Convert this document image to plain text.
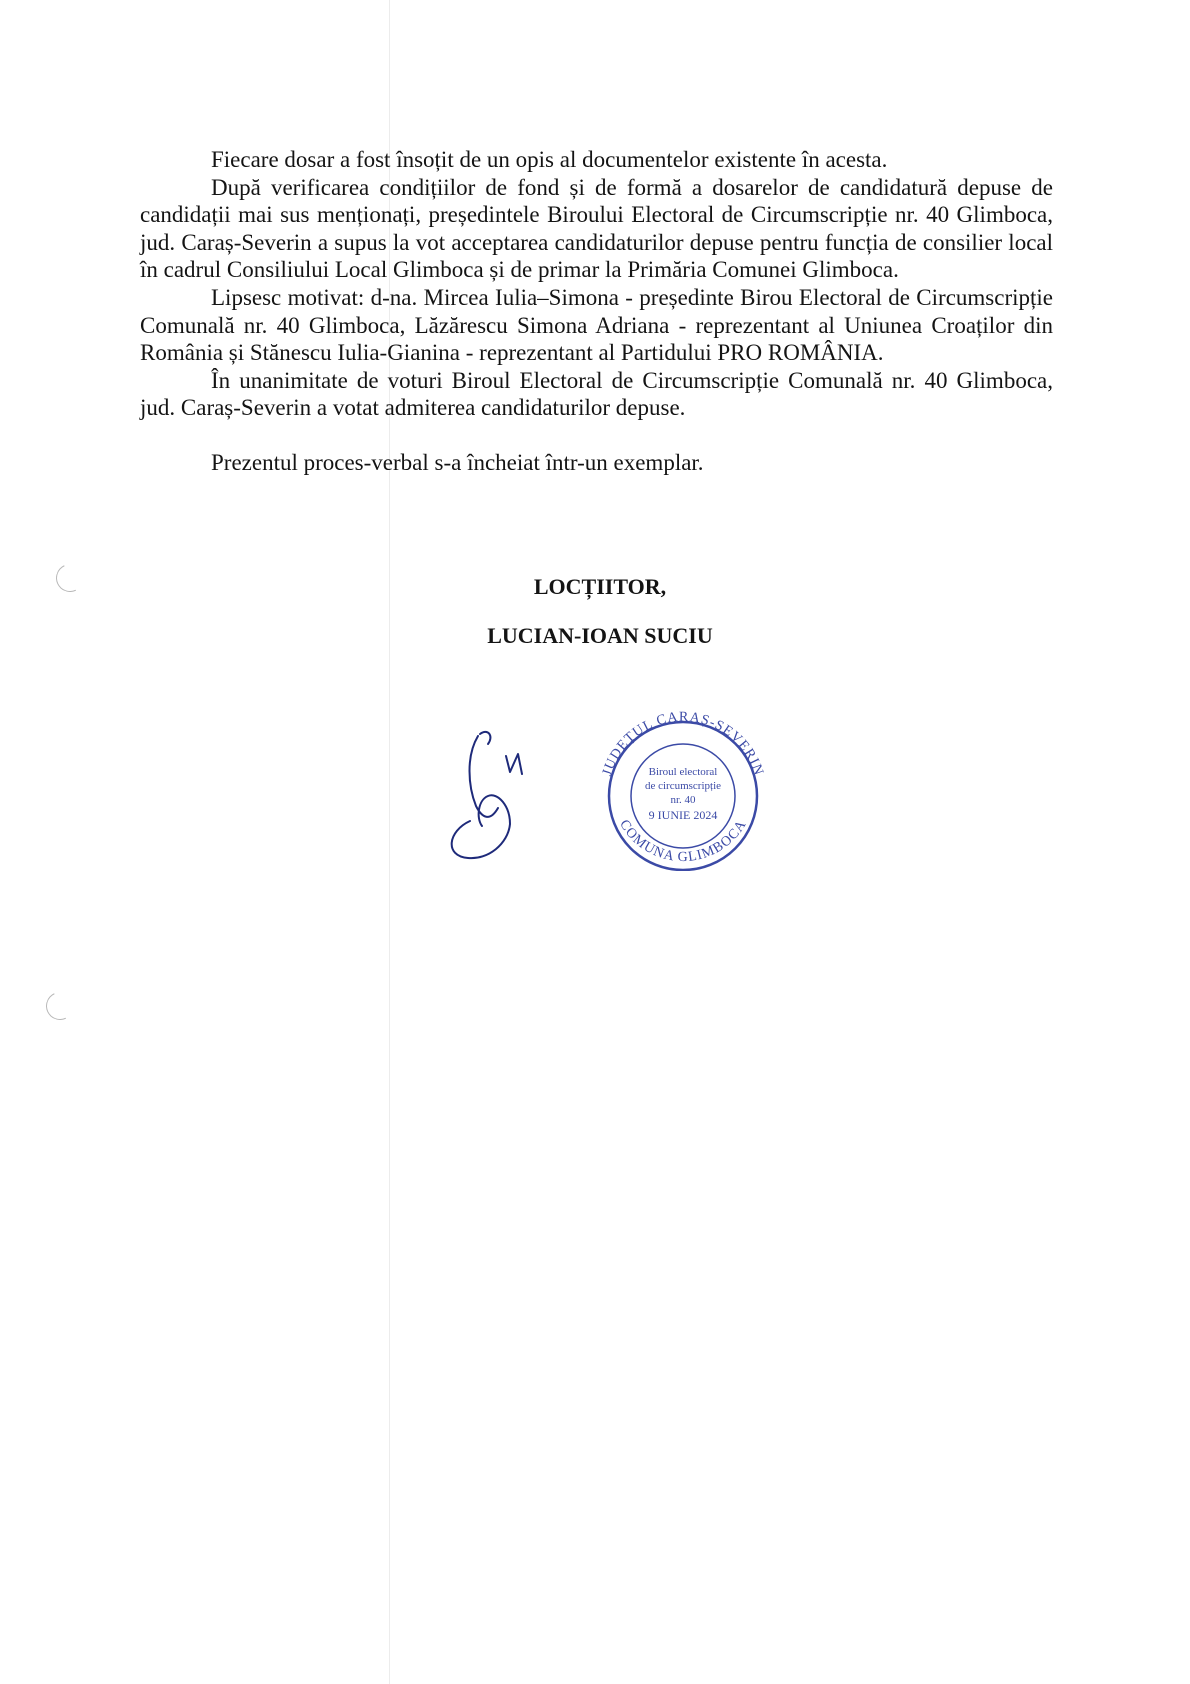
Fiecare dosar a fost însoțit de un opis al documentelor existente în acesta.

După verificarea condițiilor de fond și de formă a dosarelor de candidatură depuse de candidații mai sus menționați, președintele Biroului Electoral de Circumscripție nr. 40 Glimboca, jud. Caraș-Severin a supus la vot acceptarea candidaturilor depuse pentru funcția de consilier local în cadrul Consiliului Local Glimboca și de primar la Primăria Comunei Glimboca.

Lipsesc motivat: d-na. Mircea Iulia–Simona - președinte Birou Electoral de Circumscripție Comunală nr. 40 Glimboca, Lăzărescu Simona Adriana - reprezentant al Uniunea Croaților din România și Stănescu Iulia-Gianina - reprezentant al Partidului PRO ROMÂNIA.

În unanimitate de voturi Biroul Electoral de Circumscripție Comunală nr. 40 Glimboca, jud. Caraș-Severin a votat admiterea candidaturilor depuse.

Prezentul proces-verbal s-a încheiat într-un exemplar.

LOCȚIITOR,
LUCIAN-IOAN SUCIU
JUDEȚUL CARAȘ-SEVERIN
COMUNA GLIMBOCA
Biroul electoral
de circumscripție
nr. 40
9 IUNIE 2024
